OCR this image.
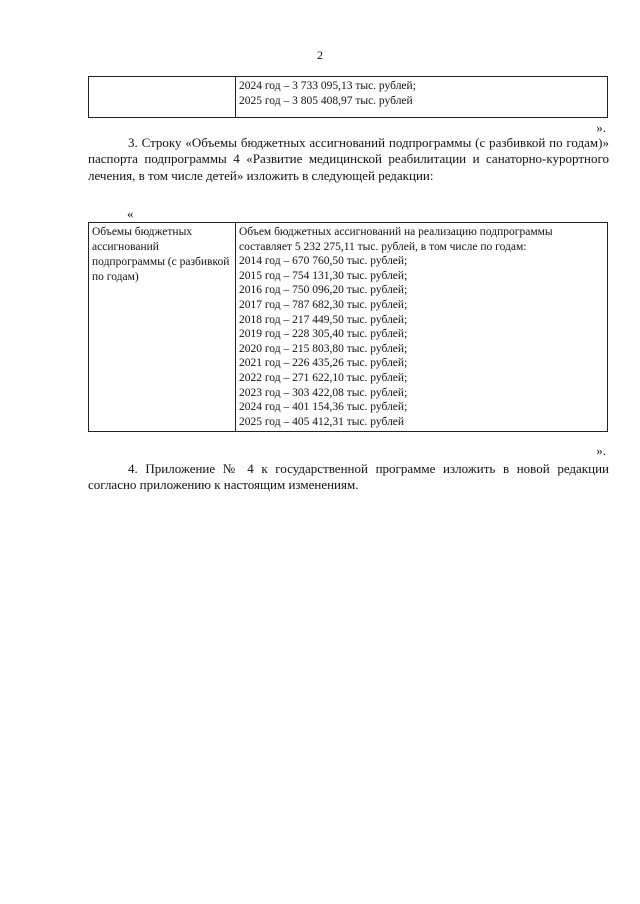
2

2024 год – 3 733 095,13 тыс. рублей;
2025 год – 3 805 408,97 тыс. рублей
».
3. Строку «Объемы бюджетных ассигнований подпрограммы (с разбивкой по годам)» паспорта подпрограммы 4 «Развитие медицинской реабилитации и санаторно-курортного лечения, в том числе детей» изложить в следующей редакции:
«
Объемы бюджетных ассигнований подпрограммы (с разбивкой по годам)	Объем бюджетных ассигнований на реализацию подпрограммы составляет 5 232 275,11 тыс. рублей, в том числе по годам:
2014 год – 670 760,50 тыс. рублей;
2015 год – 754 131,30 тыс. рублей;
2016 год – 750 096,20 тыс. рублей;
2017 год – 787 682,30 тыс. рублей;
2018 год – 217 449,50 тыс. рублей;
2019 год – 228 305,40 тыс. рублей;
2020 год – 215 803,80 тыс. рублей;
2021 год – 226 435,26 тыс. рублей;
2022 год – 271 622,10 тыс. рублей;
2023 год – 303 422,08 тыс. рублей;
2024 год – 401 154,36 тыс. рублей;
2025 год – 405 412,31 тыс. рублей
».
4. Приложение № 4 к государственной программе изложить в новой редакции согласно приложению к настоящим изменениям.
